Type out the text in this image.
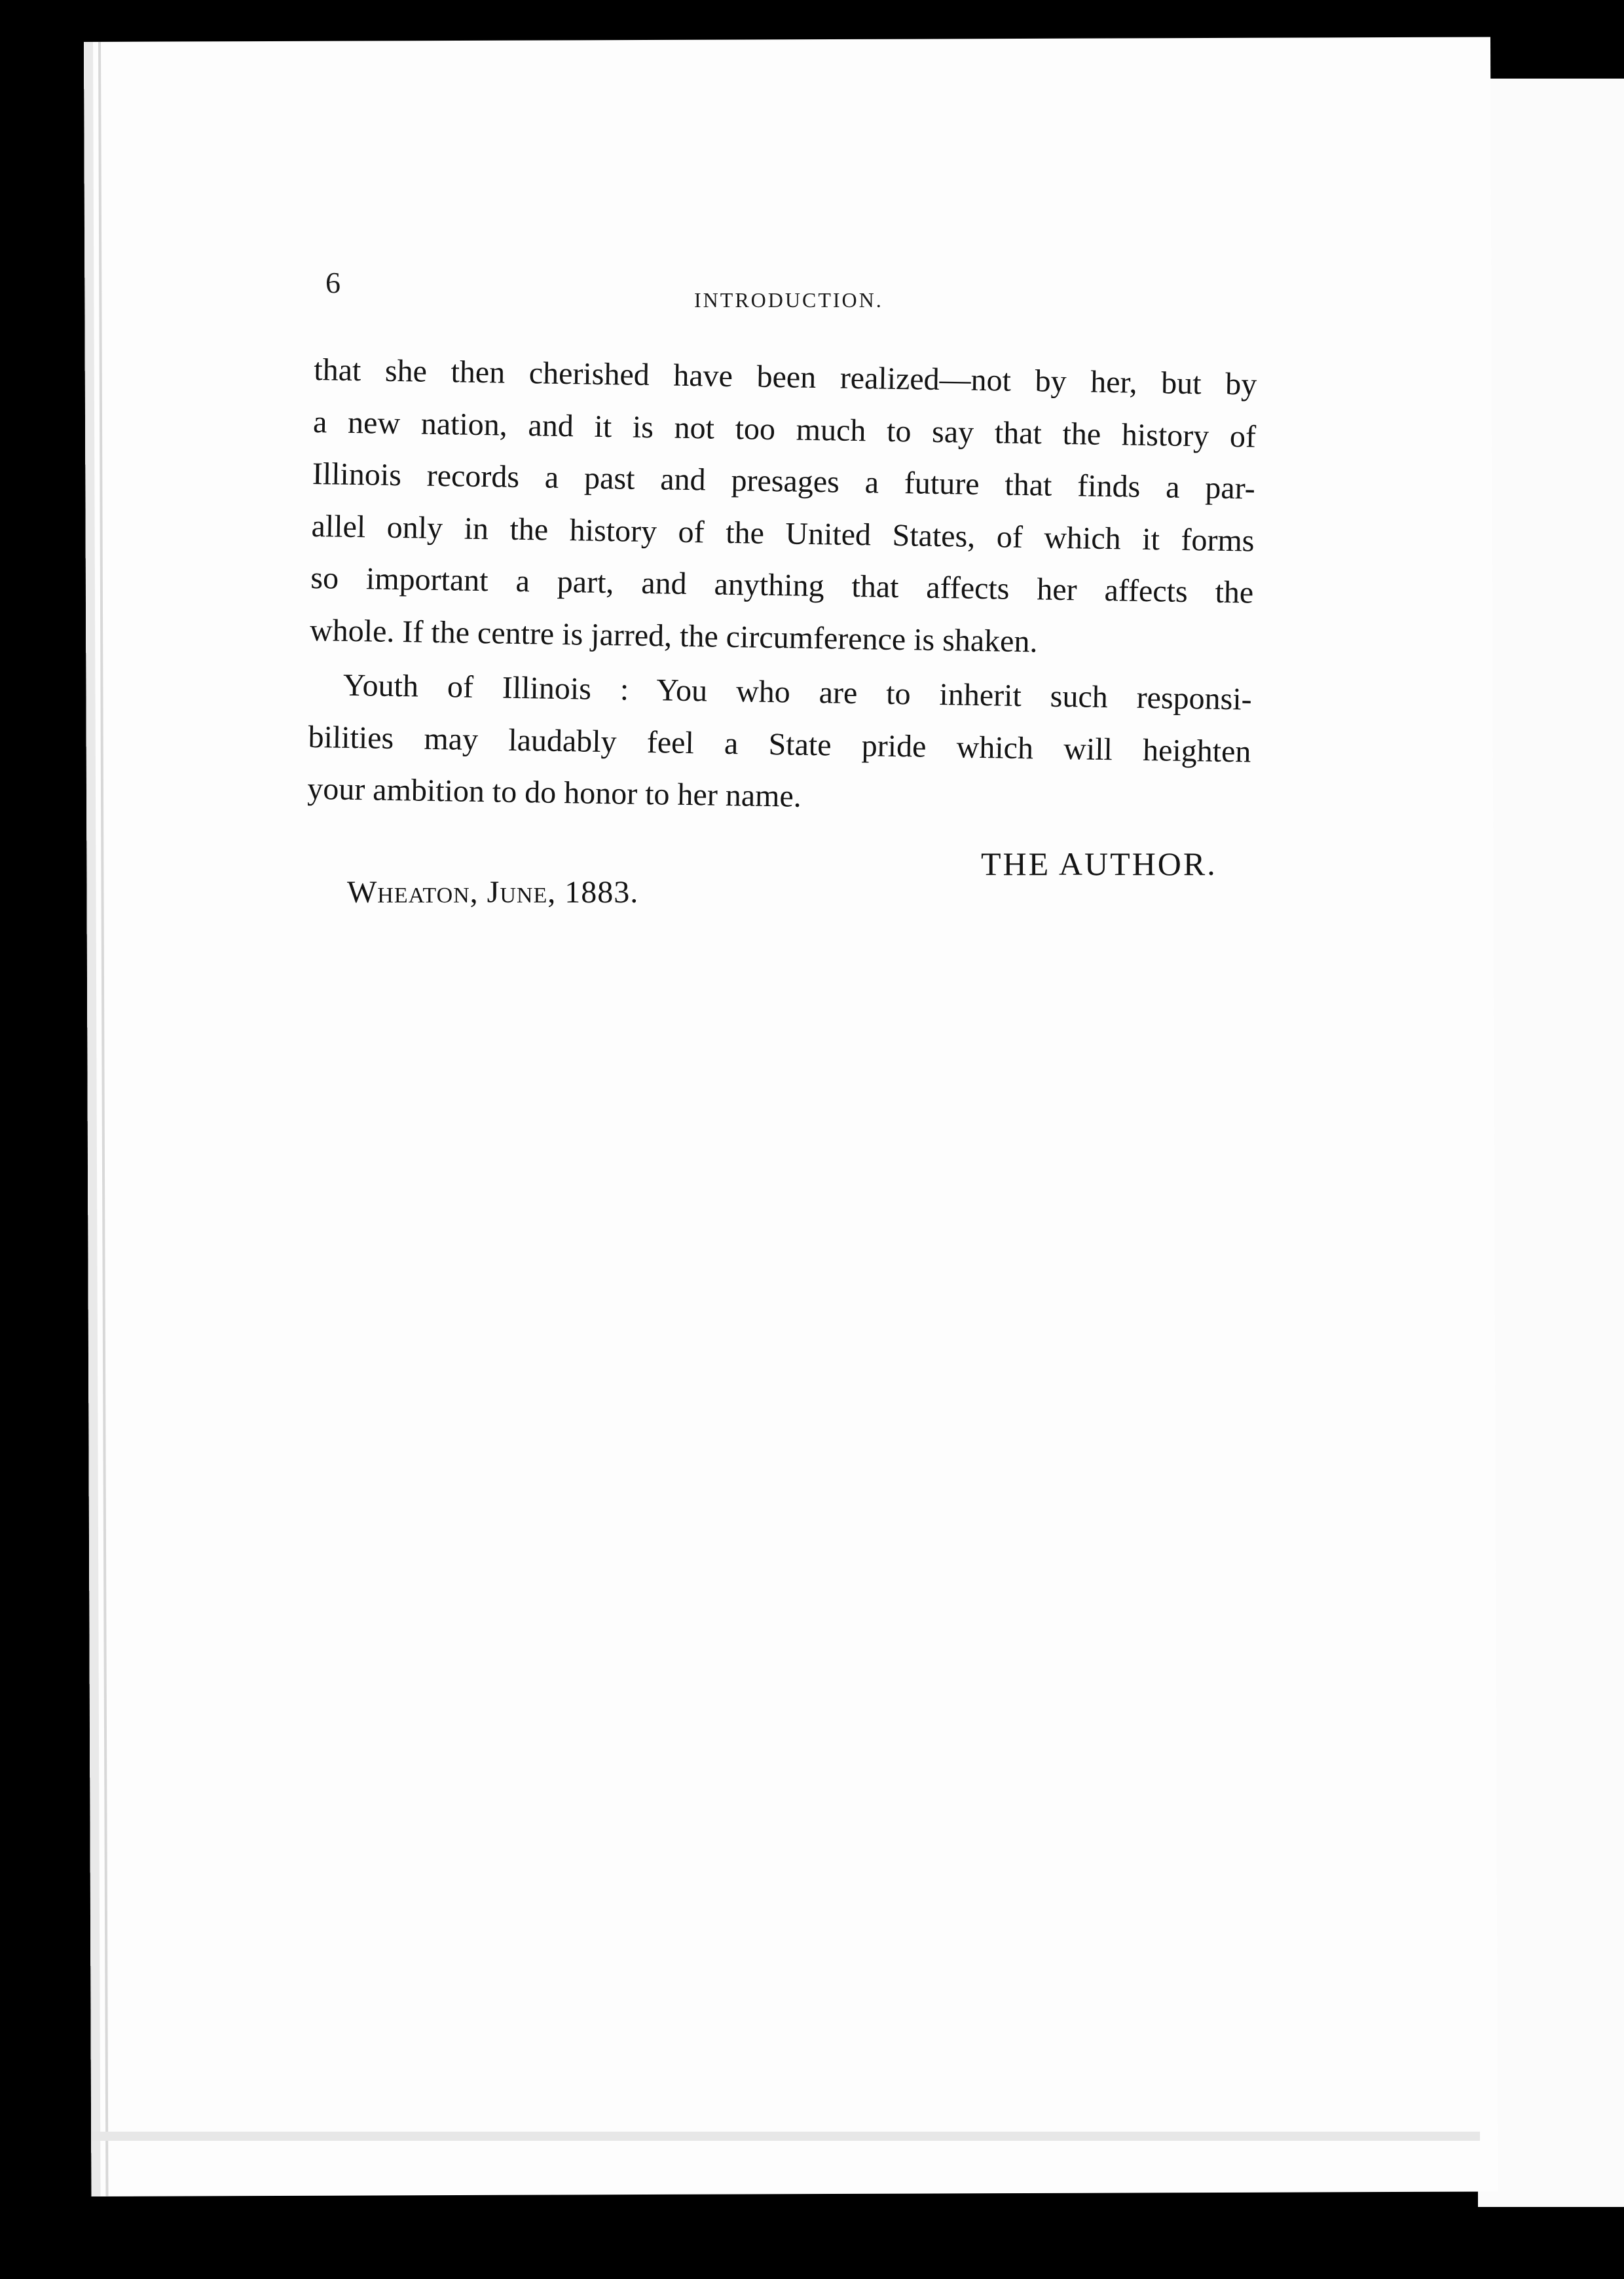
6
INTRODUCTION.
that she then cherished have been realized—not by her, but by
a new nation, and it is not too much to say that the history of
Illinois records a past and presages a future that finds a par-
allel only in the history of the United States, of which it forms
so important a part, and anything that affects her affects the
whole. If the centre is jarred, the circumference is shaken.
Youth of Illinois : You who are to inherit such responsi-
bilities may laudably feel a State pride which will heighten
your ambition to do honor to her name.
THE AUTHOR.
Wheaton, June, 1883.
